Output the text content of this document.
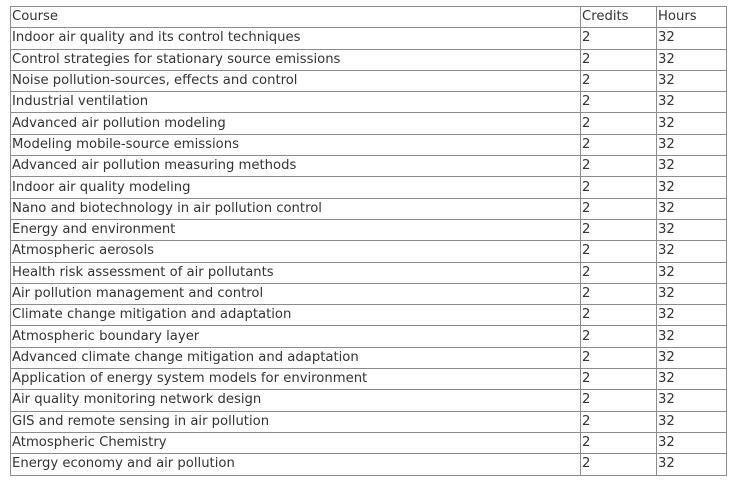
Course	Credits	Hours
Indoor air quality and its control techniques	2	32
Control strategies for stationary source emissions	2	32
Noise pollution-sources, effects and control	2	32
Industrial ventilation	2	32
Advanced air pollution modeling	2	32
Modeling mobile-source emissions	2	32
Advanced air pollution measuring methods	2	32
Indoor air quality modeling	2	32
Nano and biotechnology in air pollution control	2	32
Energy and environment	2	32
Atmospheric aerosols	2	32
Health risk assessment of air pollutants	2	32
Air pollution management and control	2	32
Climate change mitigation and adaptation	2	32
Atmospheric boundary layer	2	32
Advanced climate change mitigation and adaptation	2	32
Application of energy system models for environment	2	32
Air quality monitoring network design	2	32
GIS and remote sensing in air pollution	2	32
Atmospheric Chemistry	2	32
Energy economy and air pollution	2	32
